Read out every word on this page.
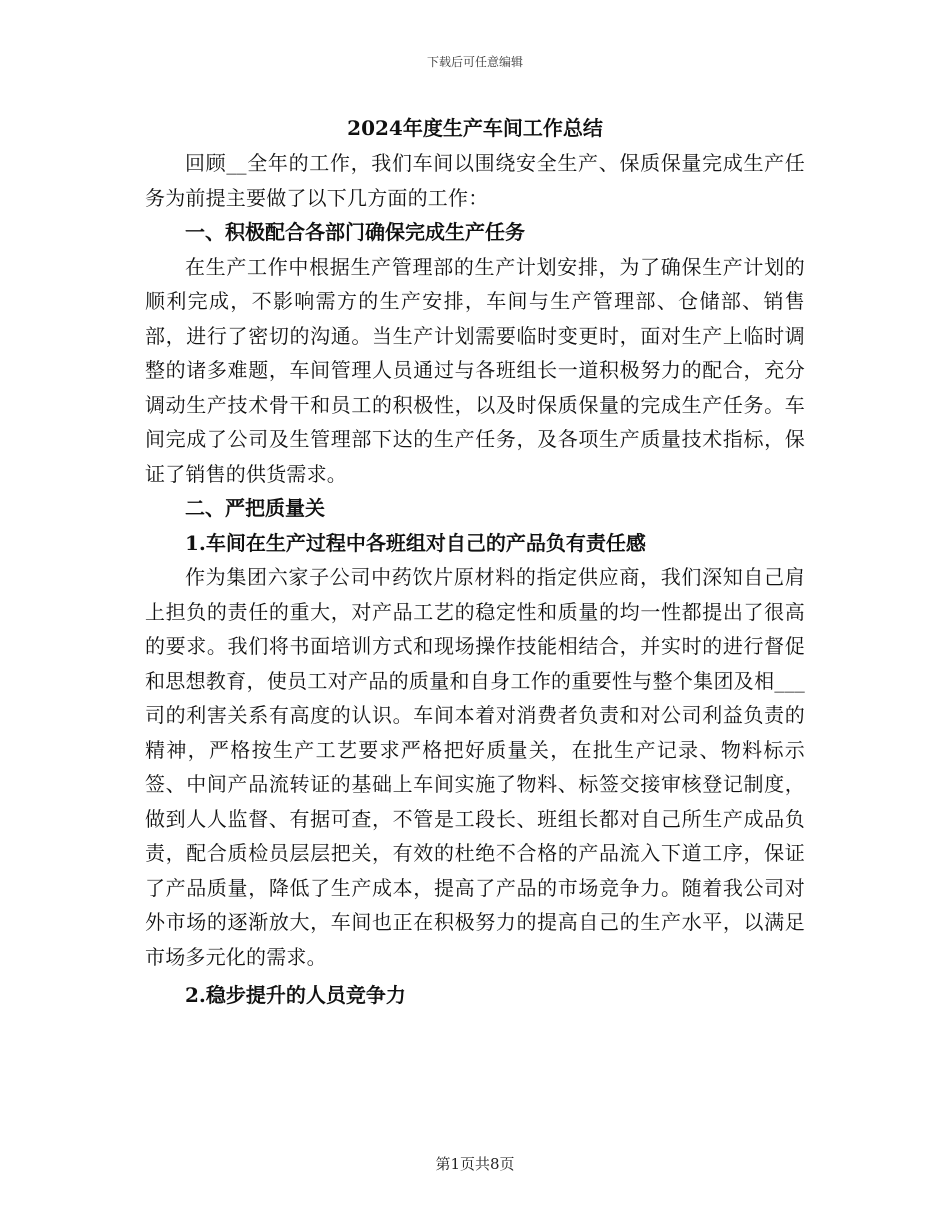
下载后可任意编辑
2024年度生产车间工作总结

回顾__全年的工作，我们车间以围绕安全生产、保质保量完成生产任务为前提主要做了以下几方面的工作：

一、积极配合各部门确保完成生产任务

在生产工作中根据生产管理部的生产计划安排，为了确保生产计划的顺利完成，不影响需方的生产安排，车间与生产管理部、仓储部、销售部，进行了密切的沟通。当生产计划需要临时变更时，面对生产上临时调整的诸多难题，车间管理人员通过与各班组长一道积极努力的配合，充分调动生产技术骨干和员工的积极性，以及时保质保量的完成生产任务。车间完成了公司及生管理部下达的生产任务，及各项生产质量技术指标，保证了销售的供货需求。

二、严把质量关

1.车间在生产过程中各班组对自己的产品负有责任感

作为集团六家子公司中药饮片原材料的指定供应商，我们深知自己肩上担负的责任的重大，对产品工艺的稳定性和质量的均一性都提出了很高的要求。我们将书面培训方式和现场操作技能相结合，并实时的进行督促和思想教育，使员工对产品的质量和自身工作的重要性与整个集团及相___司的利害关系有高度的认识。车间本着对消费者负责和对公司利益负责的精神，严格按生产工艺要求严格把好质量关，在批生产记录、物料标示签、中间产品流转证的基础上车间实施了物料、标签交接审核登记制度，做到人人监督、有据可查，不管是工段长、班组长都对自己所生产成品负责，配合质检员层层把关，有效的杜绝不合格的产品流入下道工序，保证了产品质量，降低了生产成本，提高了产品的市场竞争力。随着我公司对外市场的逐渐放大，车间也正在积极努力的提高自己的生产水平，以满足市场多元化的需求。

2.稳步提升的人员竞争力

第1页共8页
